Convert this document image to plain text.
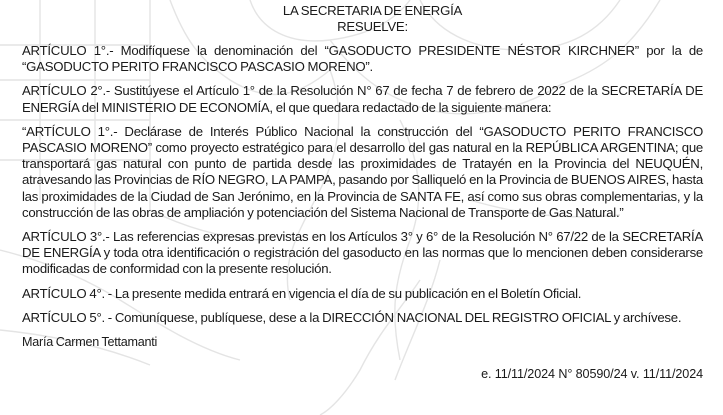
LA SECRETARIA DE ENERGÍA

RESUELVE:

ARTÍCULO 1°.- Modifíquese la denominación del “GASODUCTO PRESIDENTE NÉSTOR KIRCHNER” por la de “GASODUCTO PERITO FRANCISCO PASCASIO MORENO”.

ARTÍCULO 2°.- Sustitúyese el Artículo 1° de la Resolución N° 67 de fecha 7 de febrero de 2022 de la SECRETARÍA DE ENERGÍA del MINISTERIO DE ECONOMÍA, el que quedara redactado de la siguiente manera:

“ARTÍCULO 1°.- Declárase de Interés Público Nacional la construcción del “GASODUCTO PERITO FRANCISCO PASCASIO MORENO” como proyecto estratégico para el desarrollo del gas natural en la REPÚBLICA ARGENTINA; que transportará gas natural con punto de partida desde las proximidades de Tratayén en la Provincia del NEUQUÉN, atravesando las Provincias de RÍO NEGRO, LA PAMPA, pasando por Salliqueló en la Provincia de BUENOS AIRES, hasta las proximidades de la Ciudad de San Jerónimo, en la Provincia de SANTA FE, así como sus obras complementarias, y la construcción de las obras de ampliación y potenciación del Sistema Nacional de Transporte de Gas Natural.”

ARTÍCULO 3°.- Las referencias expresas previstas en los Artículos 3° y 6° de la Resolución N° 67/22 de la SECRETARÍA DE ENERGÍA y toda otra identificación o registración del gasoducto en las normas que lo mencionen deben considerarse modificadas de conformidad con la presente resolución.

ARTÍCULO 4°. - La presente medida entrará en vigencia el día de su publicación en el Boletín Oficial.

ARTÍCULO 5°. - Comuníquese, publíquese, dese a la DIRECCIÓN NACIONAL DEL REGISTRO OFICIAL y archívese.

María Carmen Tettamanti

e. 11/11/2024 N° 80590/24 v. 11/11/2024
